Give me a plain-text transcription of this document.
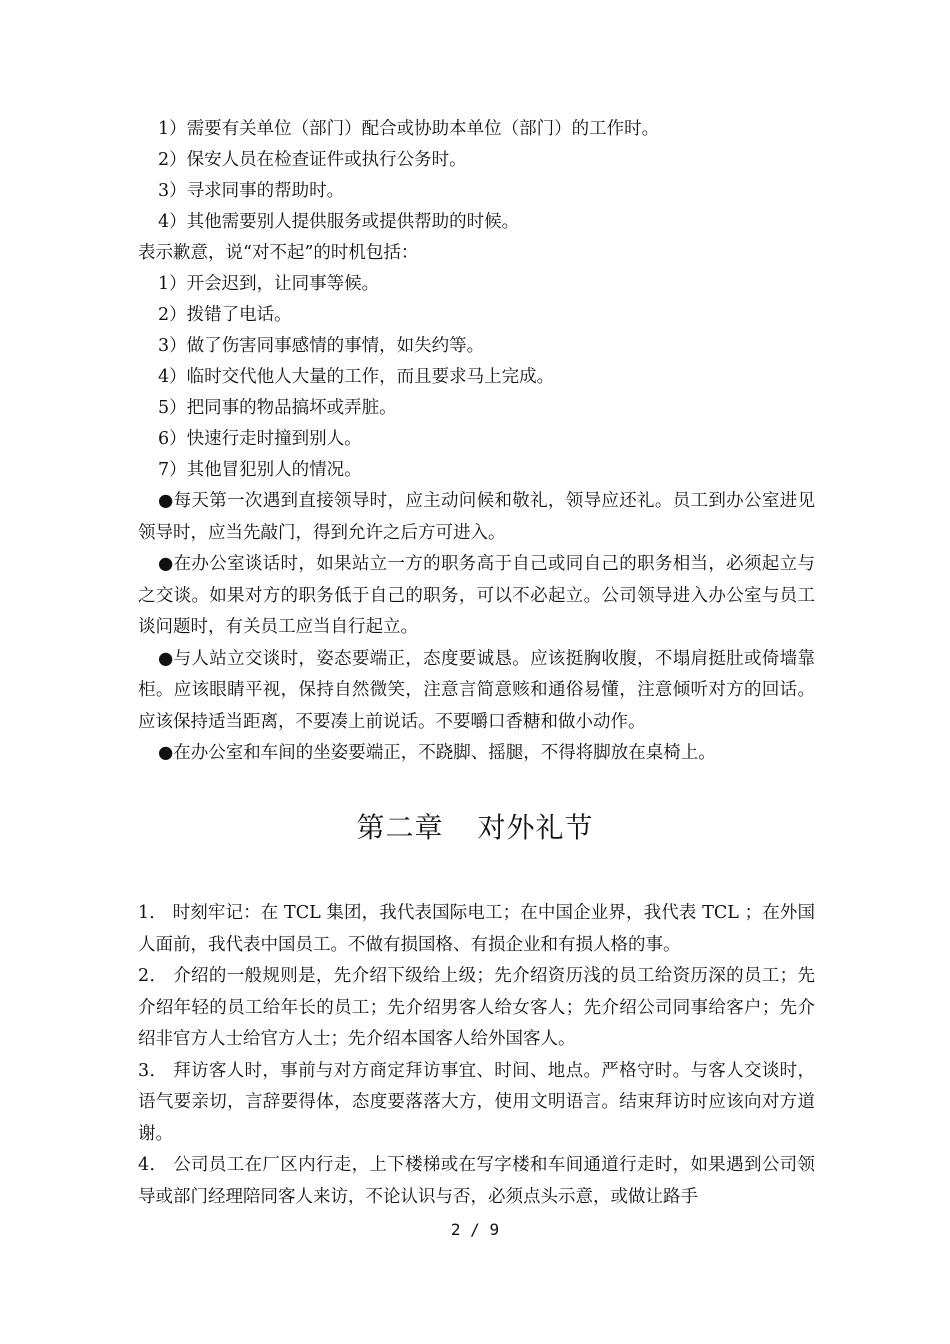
1）需要有关单位（部门）配合或协助本单位（部门）的工作时。
2）保安人员在检查证件或执行公务时。
3）寻求同事的帮助时。
4）其他需要别人提供服务或提供帮助的时候。
表示歉意，说“对不起”的时机包括：
1）开会迟到，让同事等候。
2）拨错了电话。
3）做了伤害同事感情的事情，如失约等。
4）临时交代他人大量的工作，而且要求马上完成。
5）把同事的物品搞坏或弄脏。
6）快速行走时撞到别人。
7）其他冒犯别人的情况。
●每天第一次遇到直接领导时，应主动问候和敬礼，领导应还礼。员工到办公室进见领导时，应当先敲门，得到允许之后方可进入。
●在办公室谈话时，如果站立一方的职务高于自己或同自己的职务相当，必须起立与之交谈。如果对方的职务低于自己的职务，可以不必起立。公司领导进入办公室与员工谈问题时，有关员工应当自行起立。
●与人站立交谈时，姿态要端正，态度要诚恳。应该挺胸收腹，不塌肩挺肚或倚墙靠柜。应该眼睛平视，保持自然微笑，注意言简意赅和通俗易懂，注意倾听对方的回话。应该保持适当距离，不要凑上前说话。不要嚼口香糖和做小动作。
●在办公室和车间的坐姿要端正，不跷脚、摇腿，不得将脚放在桌椅上。
第二章 对外礼节
1． 时刻牢记：在 TCL 集团，我代表国际电工；在中国企业界，我代表 TCL ；在外国人面前，我代表中国员工。不做有损国格、有损企业和有损人格的事。
2． 介绍的一般规则是，先介绍下级给上级；先介绍资历浅的员工给资历深的员工；先介绍年轻的员工给年长的员工；先介绍男客人给女客人；先介绍公司同事给客户；先介绍非官方人士给官方人士；先介绍本国客人给外国客人。
3． 拜访客人时，事前与对方商定拜访事宜、时间、地点。严格守时。与客人交谈时，语气要亲切，言辞要得体，态度要落落大方，使用文明语言。结束拜访时应该向对方道谢。
4． 公司员工在厂区内行走，上下楼梯或在写字楼和车间通道行走时，如果遇到公司领导或部门经理陪同客人来访，不论认识与否，必须点头示意，或做让路手
2 / 9
